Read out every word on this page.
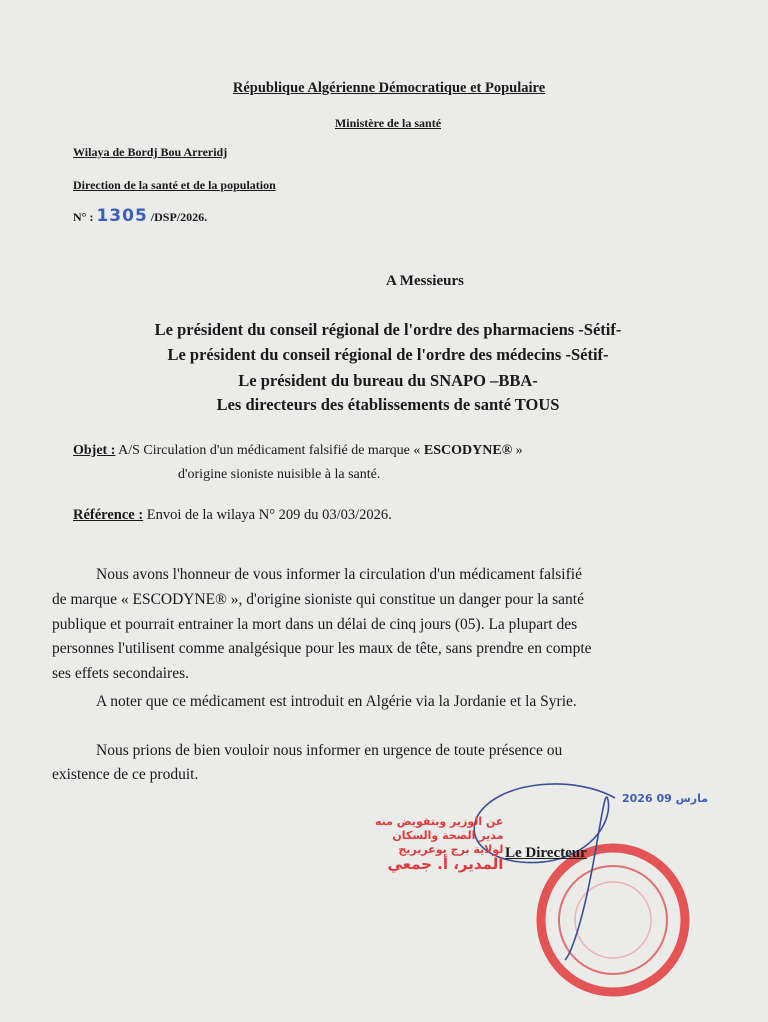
République Algérienne Démocratique et Populaire
Ministère de la santé
Wilaya de Bordj Bou Arreridj
Direction de la santé et de la population
N° : 1305 /DSP/2026.
A Messieurs
Le président du conseil régional de l'ordre des pharmaciens -Sétif-
Le président du conseil régional de l'ordre des médecins -Sétif-
Le président du bureau du SNAPO –BBA-
Les directeurs des établissements de santé TOUS
Objet : A/S Circulation d'un médicament falsifié de marque « ESCODYNE® »
d'origine sioniste nuisible à la santé.
Référence : Envoi de la wilaya N° 209 du 03/03/2026.
Nous avons l'honneur de vous informer la circulation d'un médicament falsifié
de marque « ESCODYNE® », d'origine sioniste qui constitue un danger pour la santé
publique et pourrait entrainer la mort dans un délai de cinq jours (05). La plupart des
personnes l'utilisent comme analgésique pour les maux de tête, sans prendre en compte
ses effets secondaires.
A noter que ce médicament est introduit en Algérie via la Jordanie et la Syrie.
Nous prions de bien vouloir nous informer en urgence de toute présence ou
existence de ce produit.
عن الوزير وبتفويض منه
مدير الصحة والسكان
لولاية برج بوعريريج
المدير، أ. جمعي
2026 مارس 09
Le Directeur
